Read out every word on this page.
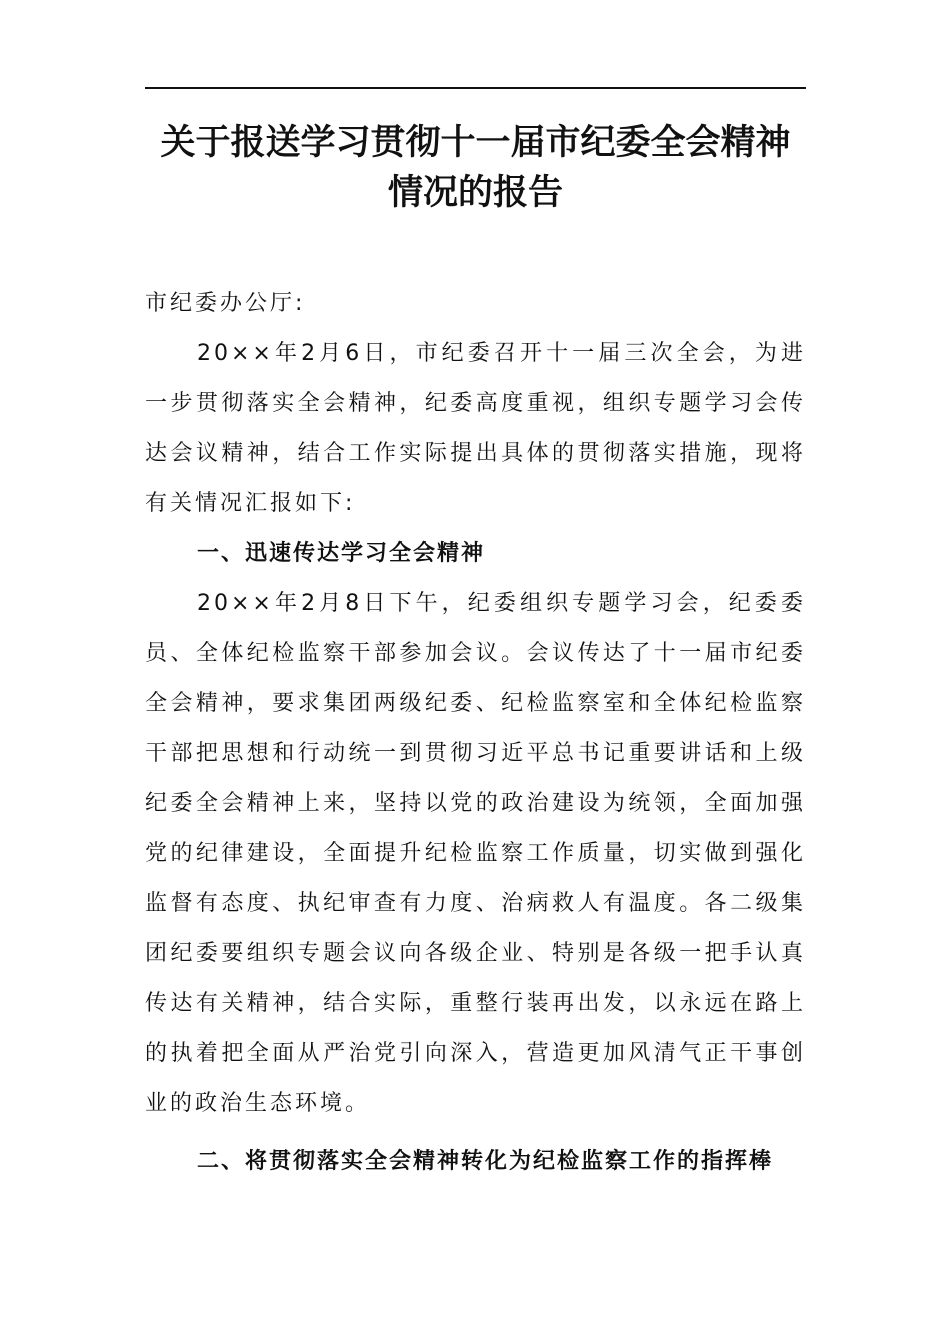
关于报送学习贯彻十一届市纪委全会精神
情况的报告

市纪委办公厅:

20××年2月6日，市纪委召开十一届三次全会，为进一步贯彻落实全会精神，纪委高度重视，组织专题学习会传达会议精神，结合工作实际提出具体的贯彻落实措施，现将有关情况汇报如下:

一、迅速传达学习全会精神

20××年2月8日下午，纪委组织专题学习会，纪委委员、全体纪检监察干部参加会议。会议传达了十一届市纪委全会精神，要求集团两级纪委、纪检监察室和全体纪检监察干部把思想和行动统一到贯彻习近平总书记重要讲话和上级纪委全会精神上来，坚持以党的政治建设为统领，全面加强党的纪律建设，全面提升纪检监察工作质量，切实做到强化监督有态度、执纪审查有力度、治病救人有温度。各二级集团纪委要组织专题会议向各级企业、特别是各级一把手认真传达有关精神，结合实际，重整行装再出发，以永远在路上的执着把全面从严治党引向深入，营造更加风清气正干事创业的政治生态环境。

二、将贯彻落实全会精神转化为纪检监察工作的指挥棒
